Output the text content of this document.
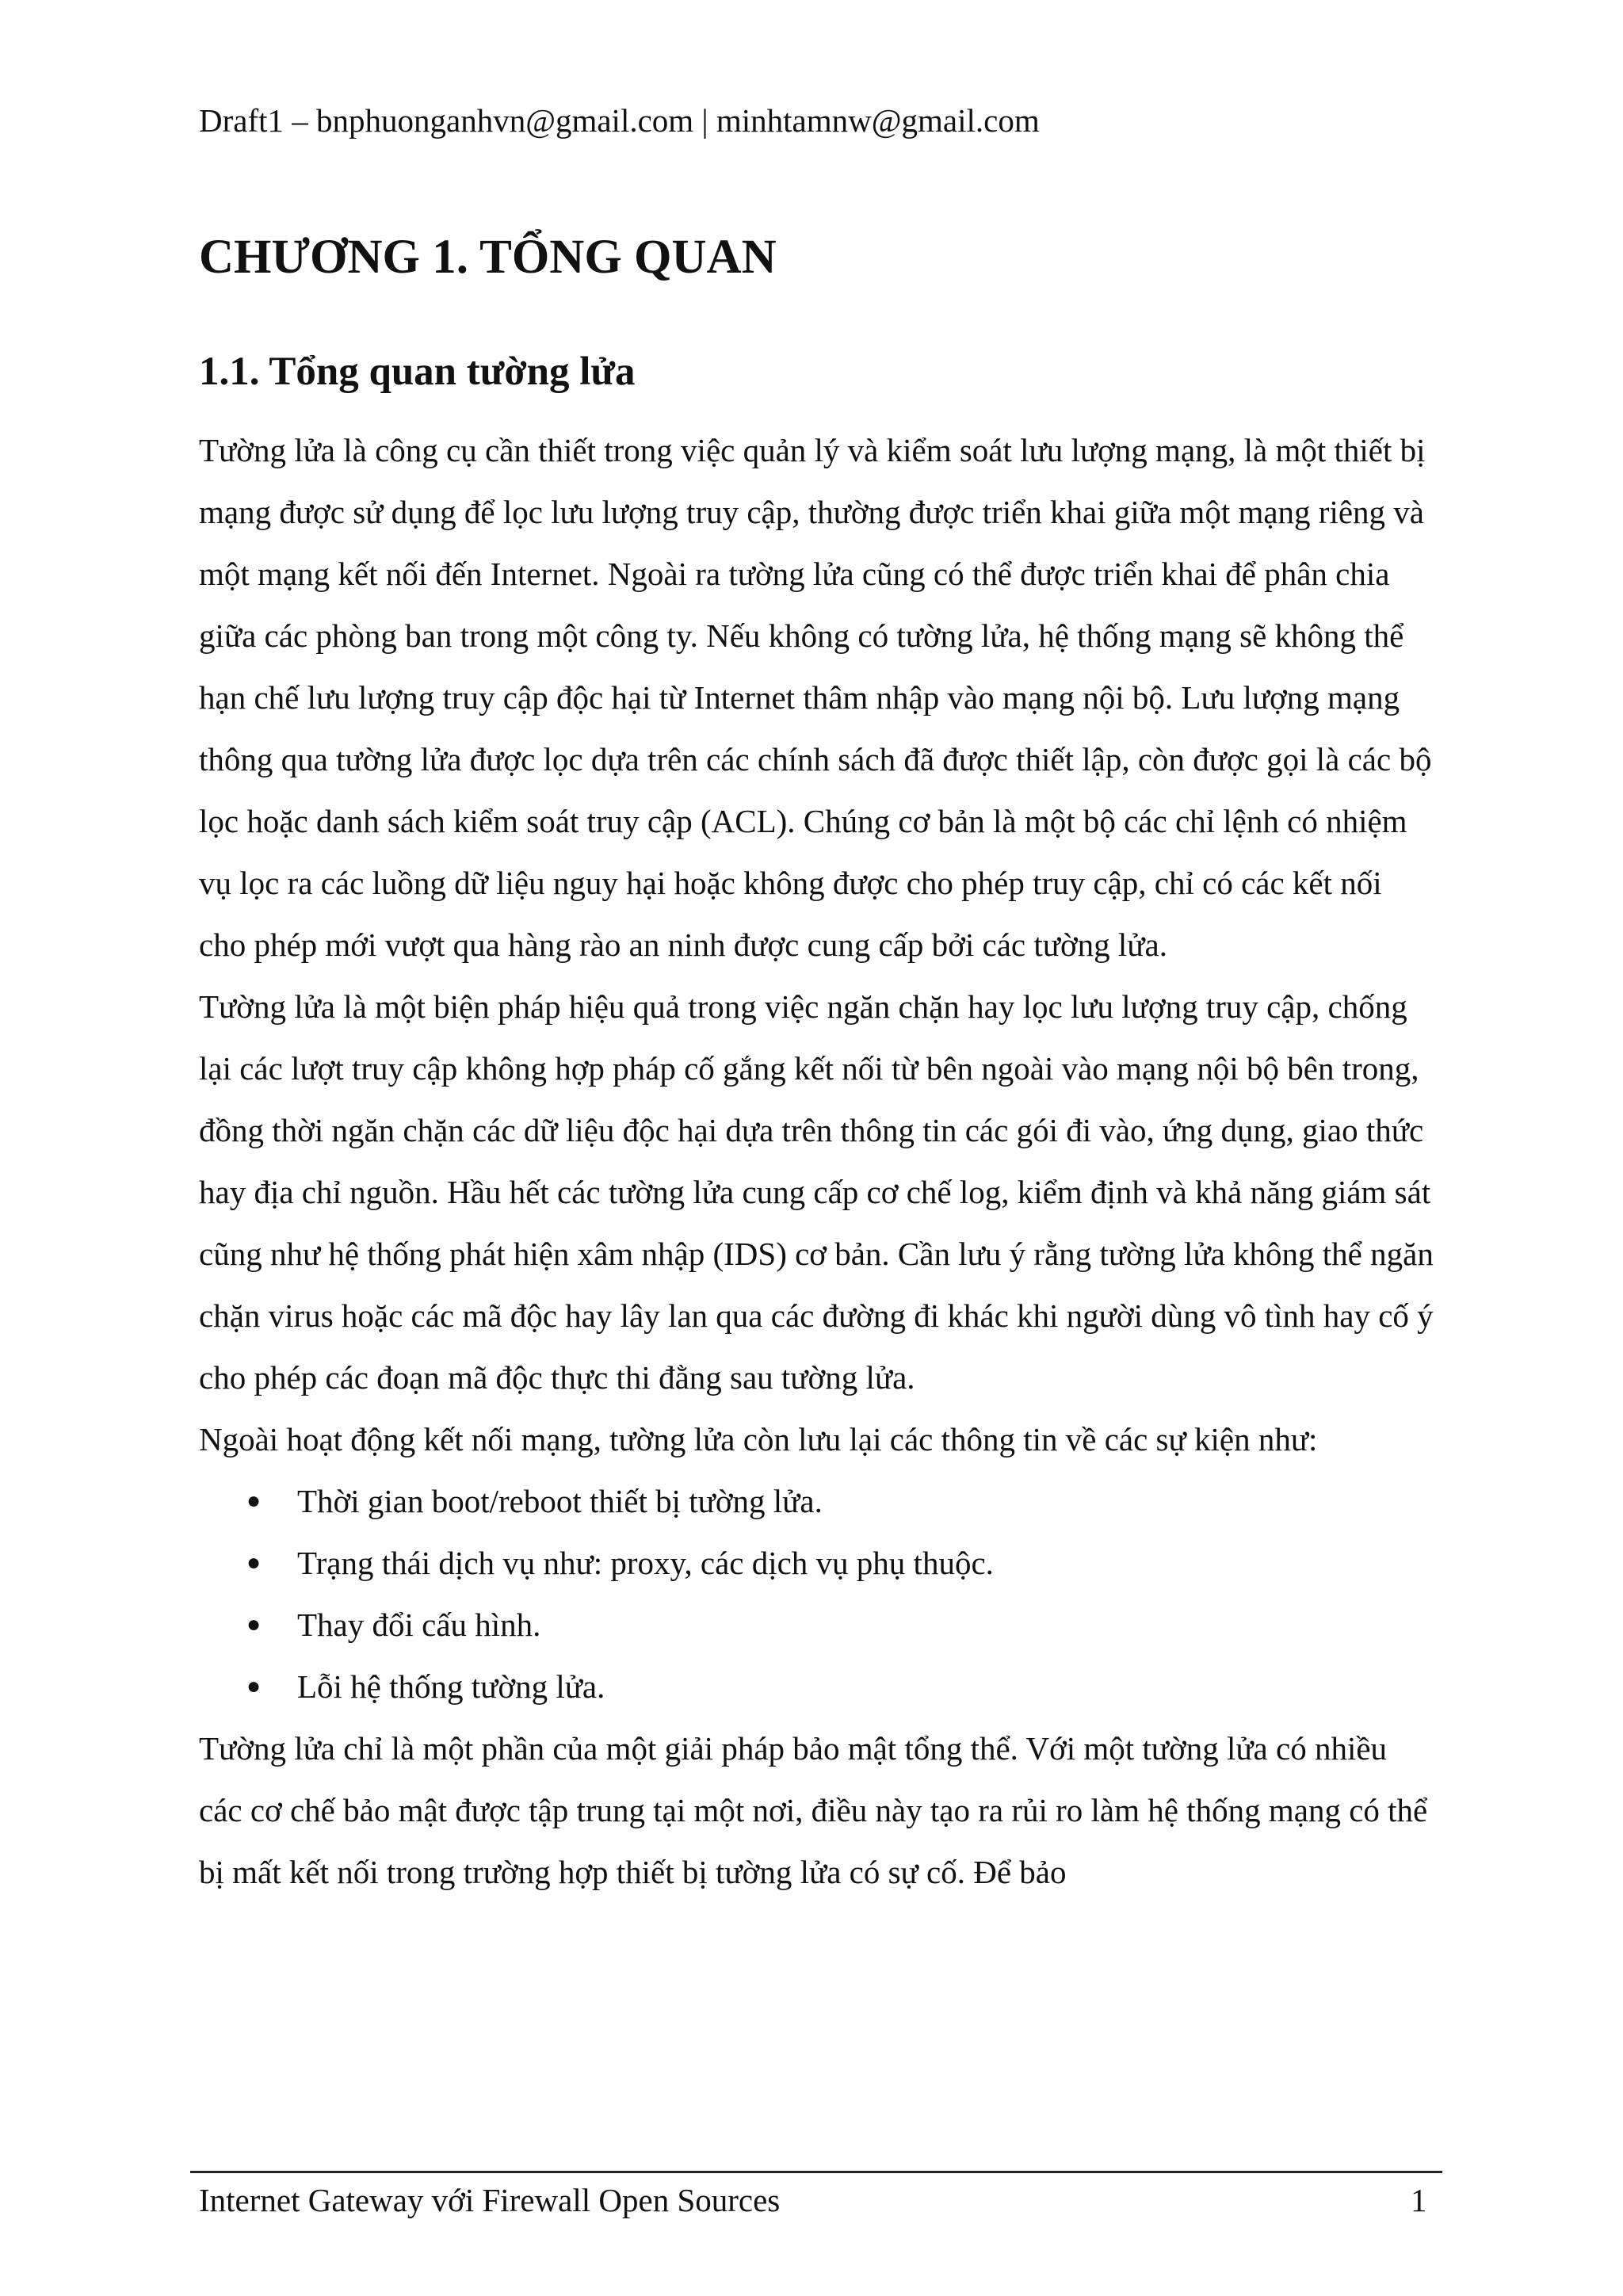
Draft1 – bnphuonganhvn@gmail.com | minhtamnw@gmail.com
CHƯƠNG 1. TỔNG QUAN
1.1. Tổng quan tường lửa

Tường lửa là công cụ cần thiết trong việc quản lý và kiểm soát lưu lượng mạng, là một thiết bị mạng được sử dụng để lọc lưu lượng truy cập, thường được triển khai giữa một mạng riêng và một mạng kết nối đến Internet. Ngoài ra tường lửa cũng có thể được triển khai để phân chia giữa các phòng ban trong một công ty. Nếu không có tường lửa, hệ thống mạng sẽ không thể hạn chế lưu lượng truy cập độc hại từ Internet thâm nhập vào mạng nội bộ. Lưu lượng mạng thông qua tường lửa được lọc dựa trên các chính sách đã được thiết lập, còn được gọi là các bộ lọc hoặc danh sách kiểm soát truy cập (ACL). Chúng cơ bản là một bộ các chỉ lệnh có nhiệm vụ lọc ra các luồng dữ liệu nguy hại hoặc không được cho phép truy cập, chỉ có các kết nối cho phép mới vượt qua hàng rào an ninh được cung cấp bởi các tường lửa.

Tường lửa là một biện pháp hiệu quả trong việc ngăn chặn hay lọc lưu lượng truy cập, chống lại các lượt truy cập không hợp pháp cố gắng kết nối từ bên ngoài vào mạng nội bộ bên trong, đồng thời ngăn chặn các dữ liệu độc hại dựa trên thông tin các gói đi vào, ứng dụng, giao thức hay địa chỉ nguồn. Hầu hết các tường lửa cung cấp cơ chế log, kiểm định và khả năng giám sát cũng như hệ thống phát hiện xâm nhập (IDS) cơ bản. Cần lưu ý rằng tường lửa không thể ngăn chặn virus hoặc các mã độc hay lây lan qua các đường đi khác khi người dùng vô tình hay cố ý cho phép các đoạn mã độc thực thi đằng sau tường lửa.

Ngoài hoạt động kết nối mạng, tường lửa còn lưu lại các thông tin về các sự kiện như:

● Thời gian boot/reboot thiết bị tường lửa.
● Trạng thái dịch vụ như: proxy, các dịch vụ phụ thuộc.
● Thay đổi cấu hình.
● Lỗi hệ thống tường lửa.

Tường lửa chỉ là một phần của một giải pháp bảo mật tổng thể. Với một tường lửa có nhiều các cơ chế bảo mật được tập trung tại một nơi, điều này tạo ra rủi ro làm hệ thống mạng có thể bị mất kết nối trong trường hợp thiết bị tường lửa có sự cố. Để bảo

Internet Gateway với Firewall Open Sources	1
